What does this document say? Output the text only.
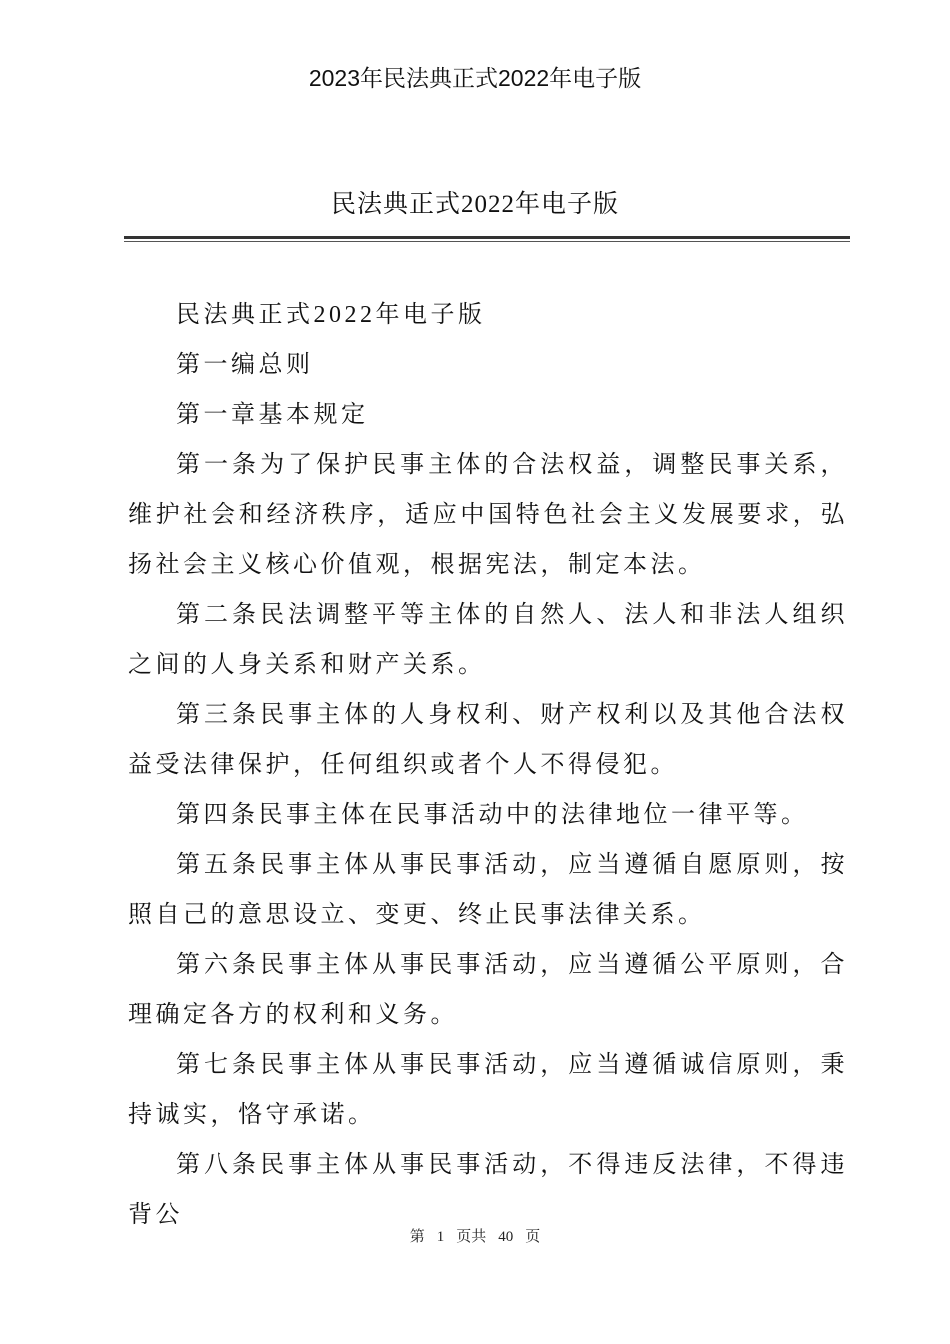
2023年民法典正式2022年电子版
民法典正式2022年电子版

民法典正式2022年电子版

第一编总则

第一章基本规定

第一条为了保护民事主体的合法权益，调整民事关系，维护社会和经济秩序，适应中国特色社会主义发展要求，弘扬社会主义核心价值观，根据宪法，制定本法。

第二条民法调整平等主体的自然人、法人和非法人组织之间的人身关系和财产关系。

第三条民事主体的人身权利、财产权利以及其他合法权益受法律保护，任何组织或者个人不得侵犯。

第四条民事主体在民事活动中的法律地位一律平等。

第五条民事主体从事民事活动，应当遵循自愿原则，按照自己的意思设立、变更、终止民事法律关系。

第六条民事主体从事民事活动，应当遵循公平原则，合理确定各方的权利和义务。

第七条民事主体从事民事活动，应当遵循诚信原则，秉持诚实，恪守承诺。

第八条民事主体从事民事活动，不得违反法律，不得违背公

第 1 页共 40 页
